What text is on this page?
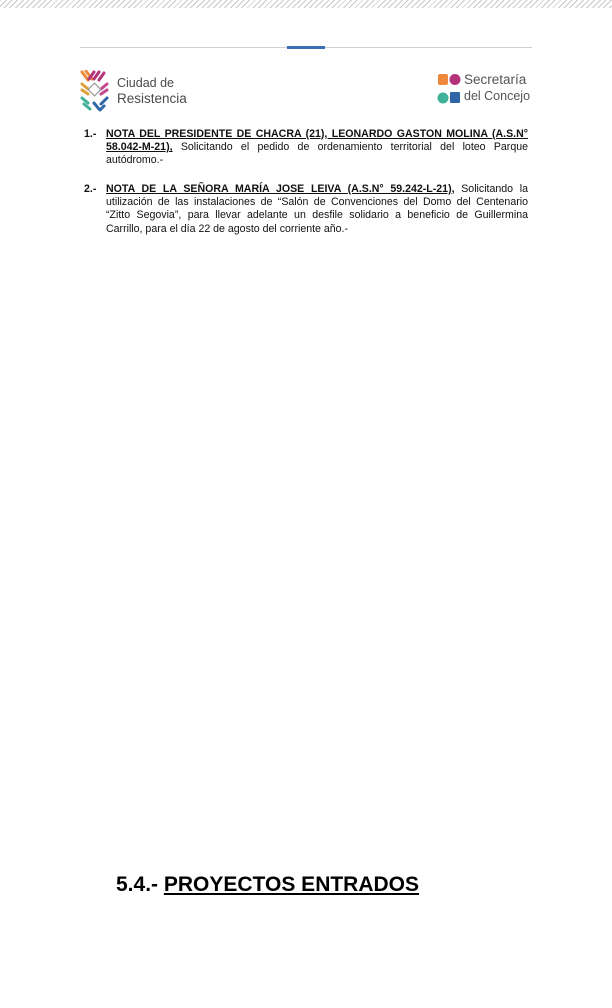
Ciudad de
Resistencia
Secretaría
del Concejo
1.- NOTA DEL PRESIDENTE DE CHACRA (21), LEONARDO GASTON MOLINA (A.S.N° 58.042-M-21), Solicitando el pedido de ordenamiento territorial del loteo Parque autódromo.-
2.- NOTA DE LA SEÑORA MARÍA JOSE LEIVA (A.S.N° 59.242-L-21), Solicitando la utilización de las instalaciones de “Salón de Convenciones del Domo del Centenario “Zitto Segovia”, para llevar adelante un desfile solidario a beneficio de Guillermina Carrillo, para el día 22 de agosto del corriente año.-
5.4.- PROYECTOS ENTRADOS
